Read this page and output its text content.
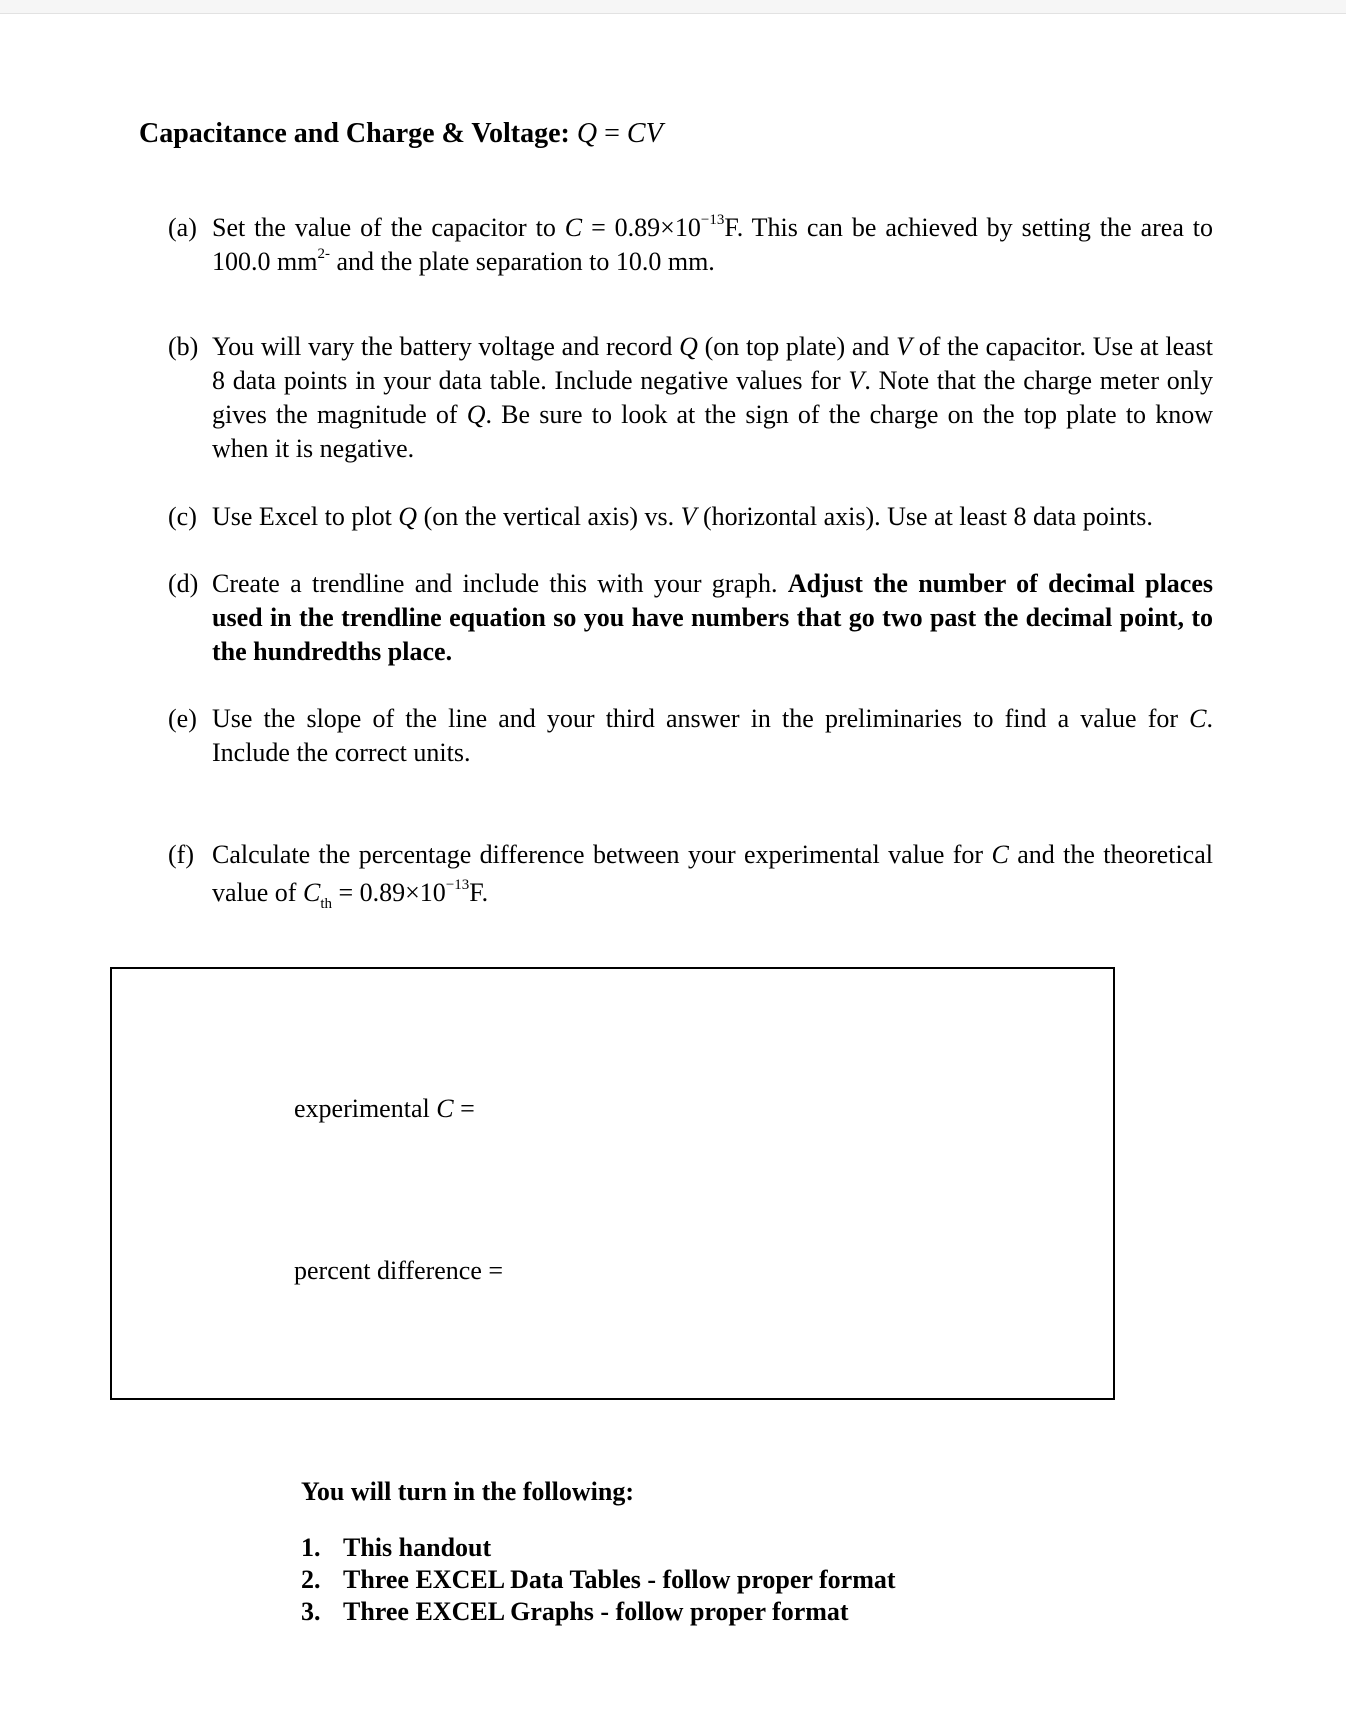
Capacitance and Charge & Voltage: Q = CV
(a) Set the value of the capacitor to $C = 0.89\times 10^{-13}F$. This can be achieved by setting the area to 100.0 $mm^{2-}$ and the plate separation to 10.0 mm.
(b) You will vary the battery voltage and record Q (on top plate) and V of the capacitor. Use at least 8 data points in your data table. Include negative values for V. Note that the charge meter only gives the magnitude of Q. Be sure to look at the sign of the charge on the top plate to know when it is negative.
(c) Use Excel to plot Q (on the vertical axis) vs. V (horizontal axis). Use at least 8 data points.
(d) Create a trendline and include this with your graph. Adjust the number of decimal places used in the trendline equation so you have numbers that go two past the decimal point, to the hundredths place.
(e) Use the slope of the line and your third answer in the preliminaries to find a value for C. Include the correct units.
(f) Calculate the percentage difference between your experimental value for C and the theoretical value of $C_{th} = 0.89\times 10^{-13}F$.
experimental C =
percent difference =
You will turn in the following:
1. This handout
2. Three EXCEL Data Tables - follow proper format
3. Three EXCEL Graphs - follow proper format
